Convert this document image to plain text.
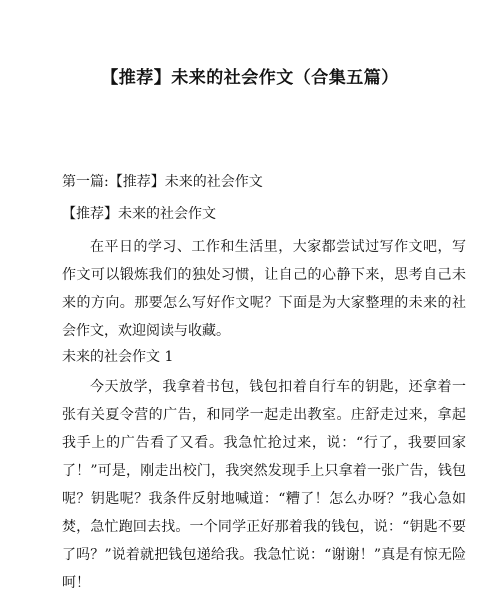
【推荐】未来的社会作文（合集五篇）
第一篇:【推荐】未来的社会作文
【推荐】未来的社会作文

在平日的学习、工作和生活里，大家都尝试过写作文吧，写作文可以锻炼我们的独处习惯，让自己的心静下来，思考自己未来的方向。那要怎么写好作文呢？下面是为大家整理的未来的社会作文，欢迎阅读与收藏。

未来的社会作文 1

今天放学，我拿着书包，钱包扣着自行车的钥匙，还拿着一张有关夏令营的广告，和同学一起走出教室。庄舒走过来，拿起我手上的广告看了又看。我急忙抢过来，说：“行了，我要回家了！”可是，刚走出校门，我突然发现手上只拿着一张广告，钱包呢？钥匙呢？我条件反射地喊道：“糟了！怎么办呀？”我心急如焚，急忙跑回去找。一个同学正好那着我的钱包，说：“钥匙不要了吗？”说着就把钱包递给我。我急忙说：“谢谢！”真是有惊无险呵！
